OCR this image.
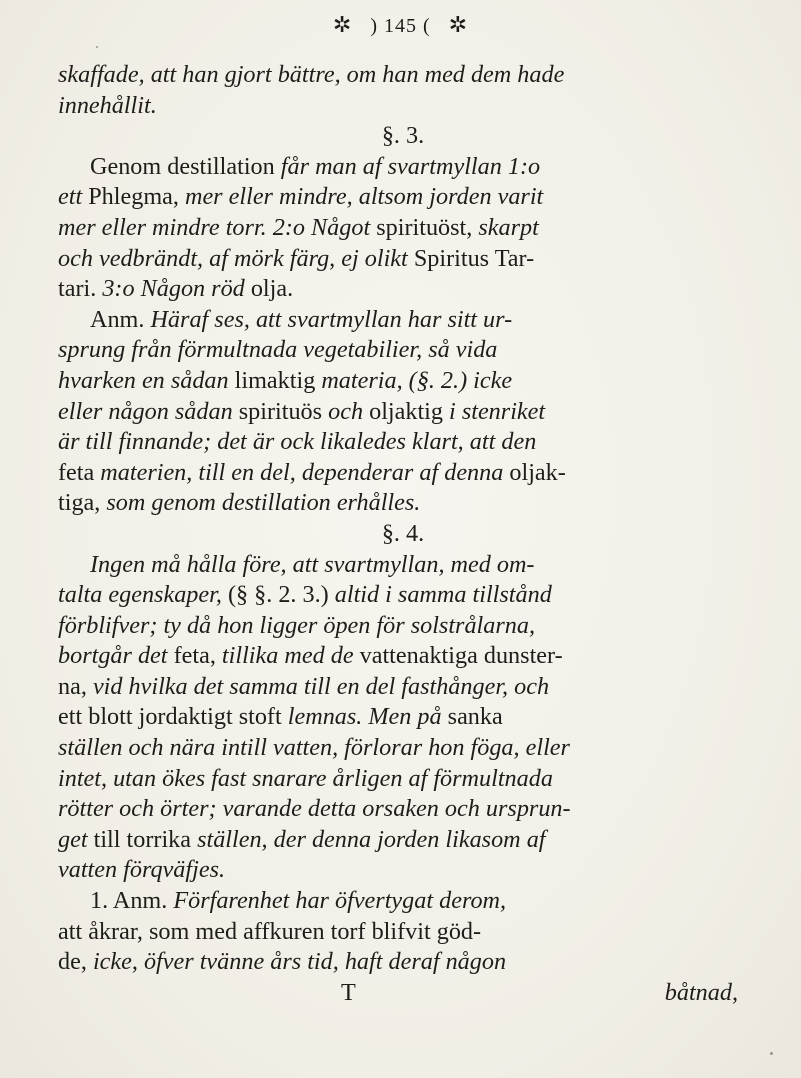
✲ ) 145 ( ✲

skaffade, att han gjort bättre, om han med dem hade

innehållit.

§. 3.

Genom destillation får man af svartmyllan 1:o

ett Phlegma, mer eller mindre, altsom jorden varit

mer eller mindre torr. 2:o Något spirituöst, skarpt

och vedbrändt, af mörk färg, ej olikt Spiritus Tar-

tari. 3:o Någon röd olja.

Anm. Häraf ses, att svartmyllan har sitt ur-

sprung från förmultnada vegetabilier, så vida

hvarken en sådan limaktig materia, (§. 2.) icke

eller någon sådan spirituös och oljaktig i stenriket

är till finnande; det är ock likaledes klart, att den

feta materien, till en del, dependerar af denna oljak-

tiga, som genom destillation erhålles.

§. 4.

Ingen må hålla före, att svartmyllan, med om-

talta egenskaper, (§ §. 2. 3.) altid i samma tillstånd

förblifver; ty då hon ligger öpen för solstrålarna,

bortgår det feta, tillika med de vattenaktiga dunster-

na, vid hvilka det samma till en del fasthånger, och

ett blott jordaktigt stoft lemnas. Men på sanka

ställen och nära intill vatten, förlorar hon föga, eller

intet, utan ökes fast snarare årligen af förmultnada

rötter och örter; varande detta orsaken och ursprun-

get till torrika ställen, der denna jorden likasom af

vatten förqväfjes.

1. Anm. Förfarenhet har öfvertygat derom,

att åkrar, som med affkuren torf blifvit göd-

de, icke, öfver tvänne års tid, haft deraf någon

T	båtnad,
